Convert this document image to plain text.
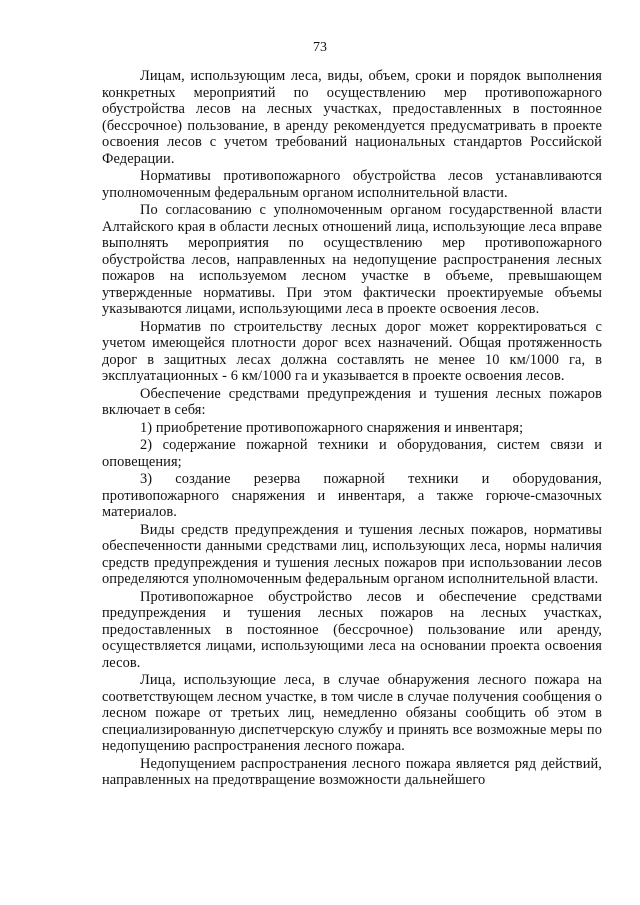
73

Лицам, использующим леса, виды, объем, сроки и порядок выполнения конкретных мероприятий по осуществлению мер противопожарного обустройства лесов на лесных участках, предоставленных в постоянное (бессрочное) пользование, в аренду рекомендуется предусматривать в проекте освоения лесов с учетом требований национальных стандартов Российской Федерации.

Нормативы противопожарного обустройства лесов устанавливаются уполномоченным федеральным органом исполнительной власти.

По согласованию с уполномоченным органом государственной власти Алтайского края в области лесных отношений лица, использующие леса вправе выполнять мероприятия по осуществлению мер противопожарного обустройства лесов, направленных на недопущение распространения лесных пожаров на используемом лесном участке в объеме, превышающем утвержденные нормативы. При этом фактически проектируемые объемы указываются лицами, использующими леса в проекте освоения лесов.

Норматив по строительству лесных дорог может корректироваться с учетом имеющейся плотности дорог всех назначений. Общая протяженность дорог в защитных лесах должна составлять не менее 10 км/1000 га, в эксплуатационных - 6 км/1000 га и указывается в проекте освоения лесов.

Обеспечение средствами предупреждения и тушения лесных пожаров включает в себя:

1) приобретение противопожарного снаряжения и инвентаря;

2) содержание пожарной техники и оборудования, систем связи и оповещения;

3) создание резерва пожарной техники и оборудования, противопожарного снаряжения и инвентаря, а также горюче-смазочных материалов.

Виды средств предупреждения и тушения лесных пожаров, нормативы обеспеченности данными средствами лиц, использующих леса, нормы наличия средств предупреждения и тушения лесных пожаров при использовании лесов определяются уполномоченным федеральным органом исполнительной власти.

Противопожарное обустройство лесов и обеспечение средствами предупреждения и тушения лесных пожаров на лесных участках, предоставленных в постоянное (бессрочное) пользование или аренду, осуществляется лицами, использующими леса на основании проекта освоения лесов.

Лица, использующие леса, в случае обнаружения лесного пожара на соответствующем лесном участке, в том числе в случае получения сообщения о лесном пожаре от третьих лиц, немедленно обязаны сообщить об этом в специализированную диспетчерскую службу и принять все возможные меры по недопущению распространения лесного пожара.

Недопущением распространения лесного пожара является ряд действий, направленных на предотвращение возможности дальнейшего
